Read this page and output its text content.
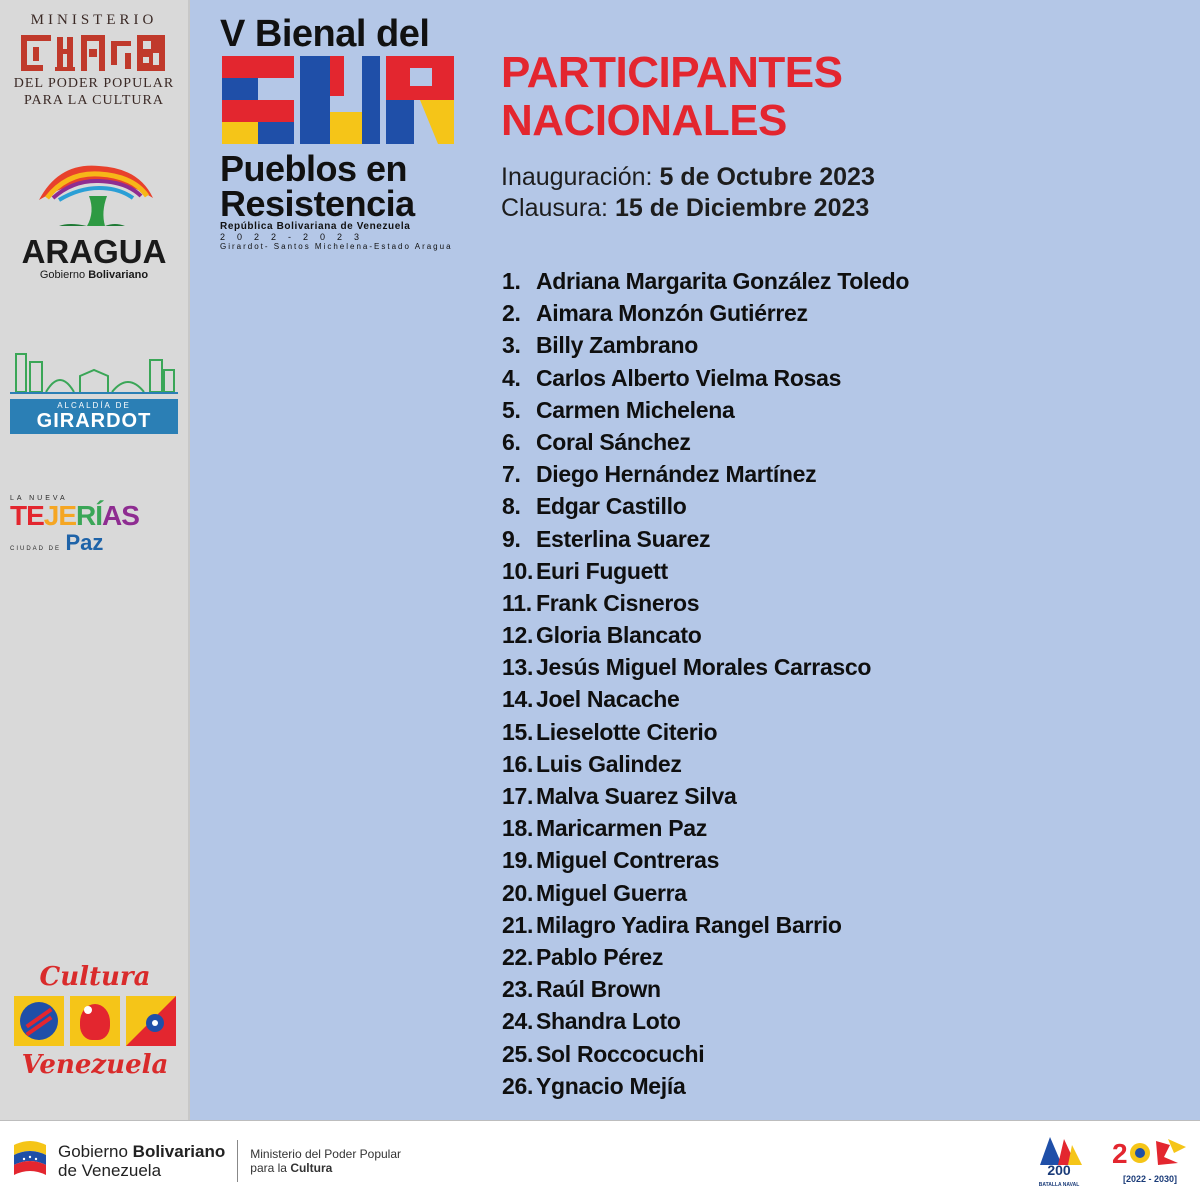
MINISTERIO
DEL PODER POPULAR
PARA LA CULTURA
ARAGUA
Gobierno Bolivariano
ALCALDÍA DE
GIRARDOT
LA NUEVA
TEJERÍAS
CIUDAD DE Paz
Cultura
Venezuela
V Bienal del
Pueblos en
Resistencia
República Bolivariana de Venezuela
2022-2023
Girardot- Santos Michelena-Estado Aragua
PARTICIPANTES
NACIONALES
Inauguración: 5 de Octubre 2023
Clausura: 15 de Diciembre 2023
1. Adriana Margarita González Toledo
2. Aimara Monzón Gutiérrez
3. Billy Zambrano
4. Carlos Alberto Vielma Rosas
5. Carmen Michelena
6. Coral Sánchez
7. Diego Hernández Martínez
8. Edgar Castillo
9. Esterlina Suarez
10. Euri Fuguett
11. Frank Cisneros
12. Gloria Blancato
13. Jesús Miguel Morales Carrasco
14. Joel Nacache
15. Lieselotte Citerio
16. Luis Galindez
17. Malva Suarez Silva
18. Maricarmen Paz
19. Miguel Contreras
20. Miguel Guerra
21. Milagro Yadira Rangel Barrio
22. Pablo Pérez
23. Raúl Brown
24. Shandra Loto
25. Sol Roccocuchi
26. Ygnacio Mejía
Gobierno Bolivariano
de Venezuela
Ministerio del Poder Popular
para la Cultura	200
BATALLA NAVAL
2
[2022 - 2030]
